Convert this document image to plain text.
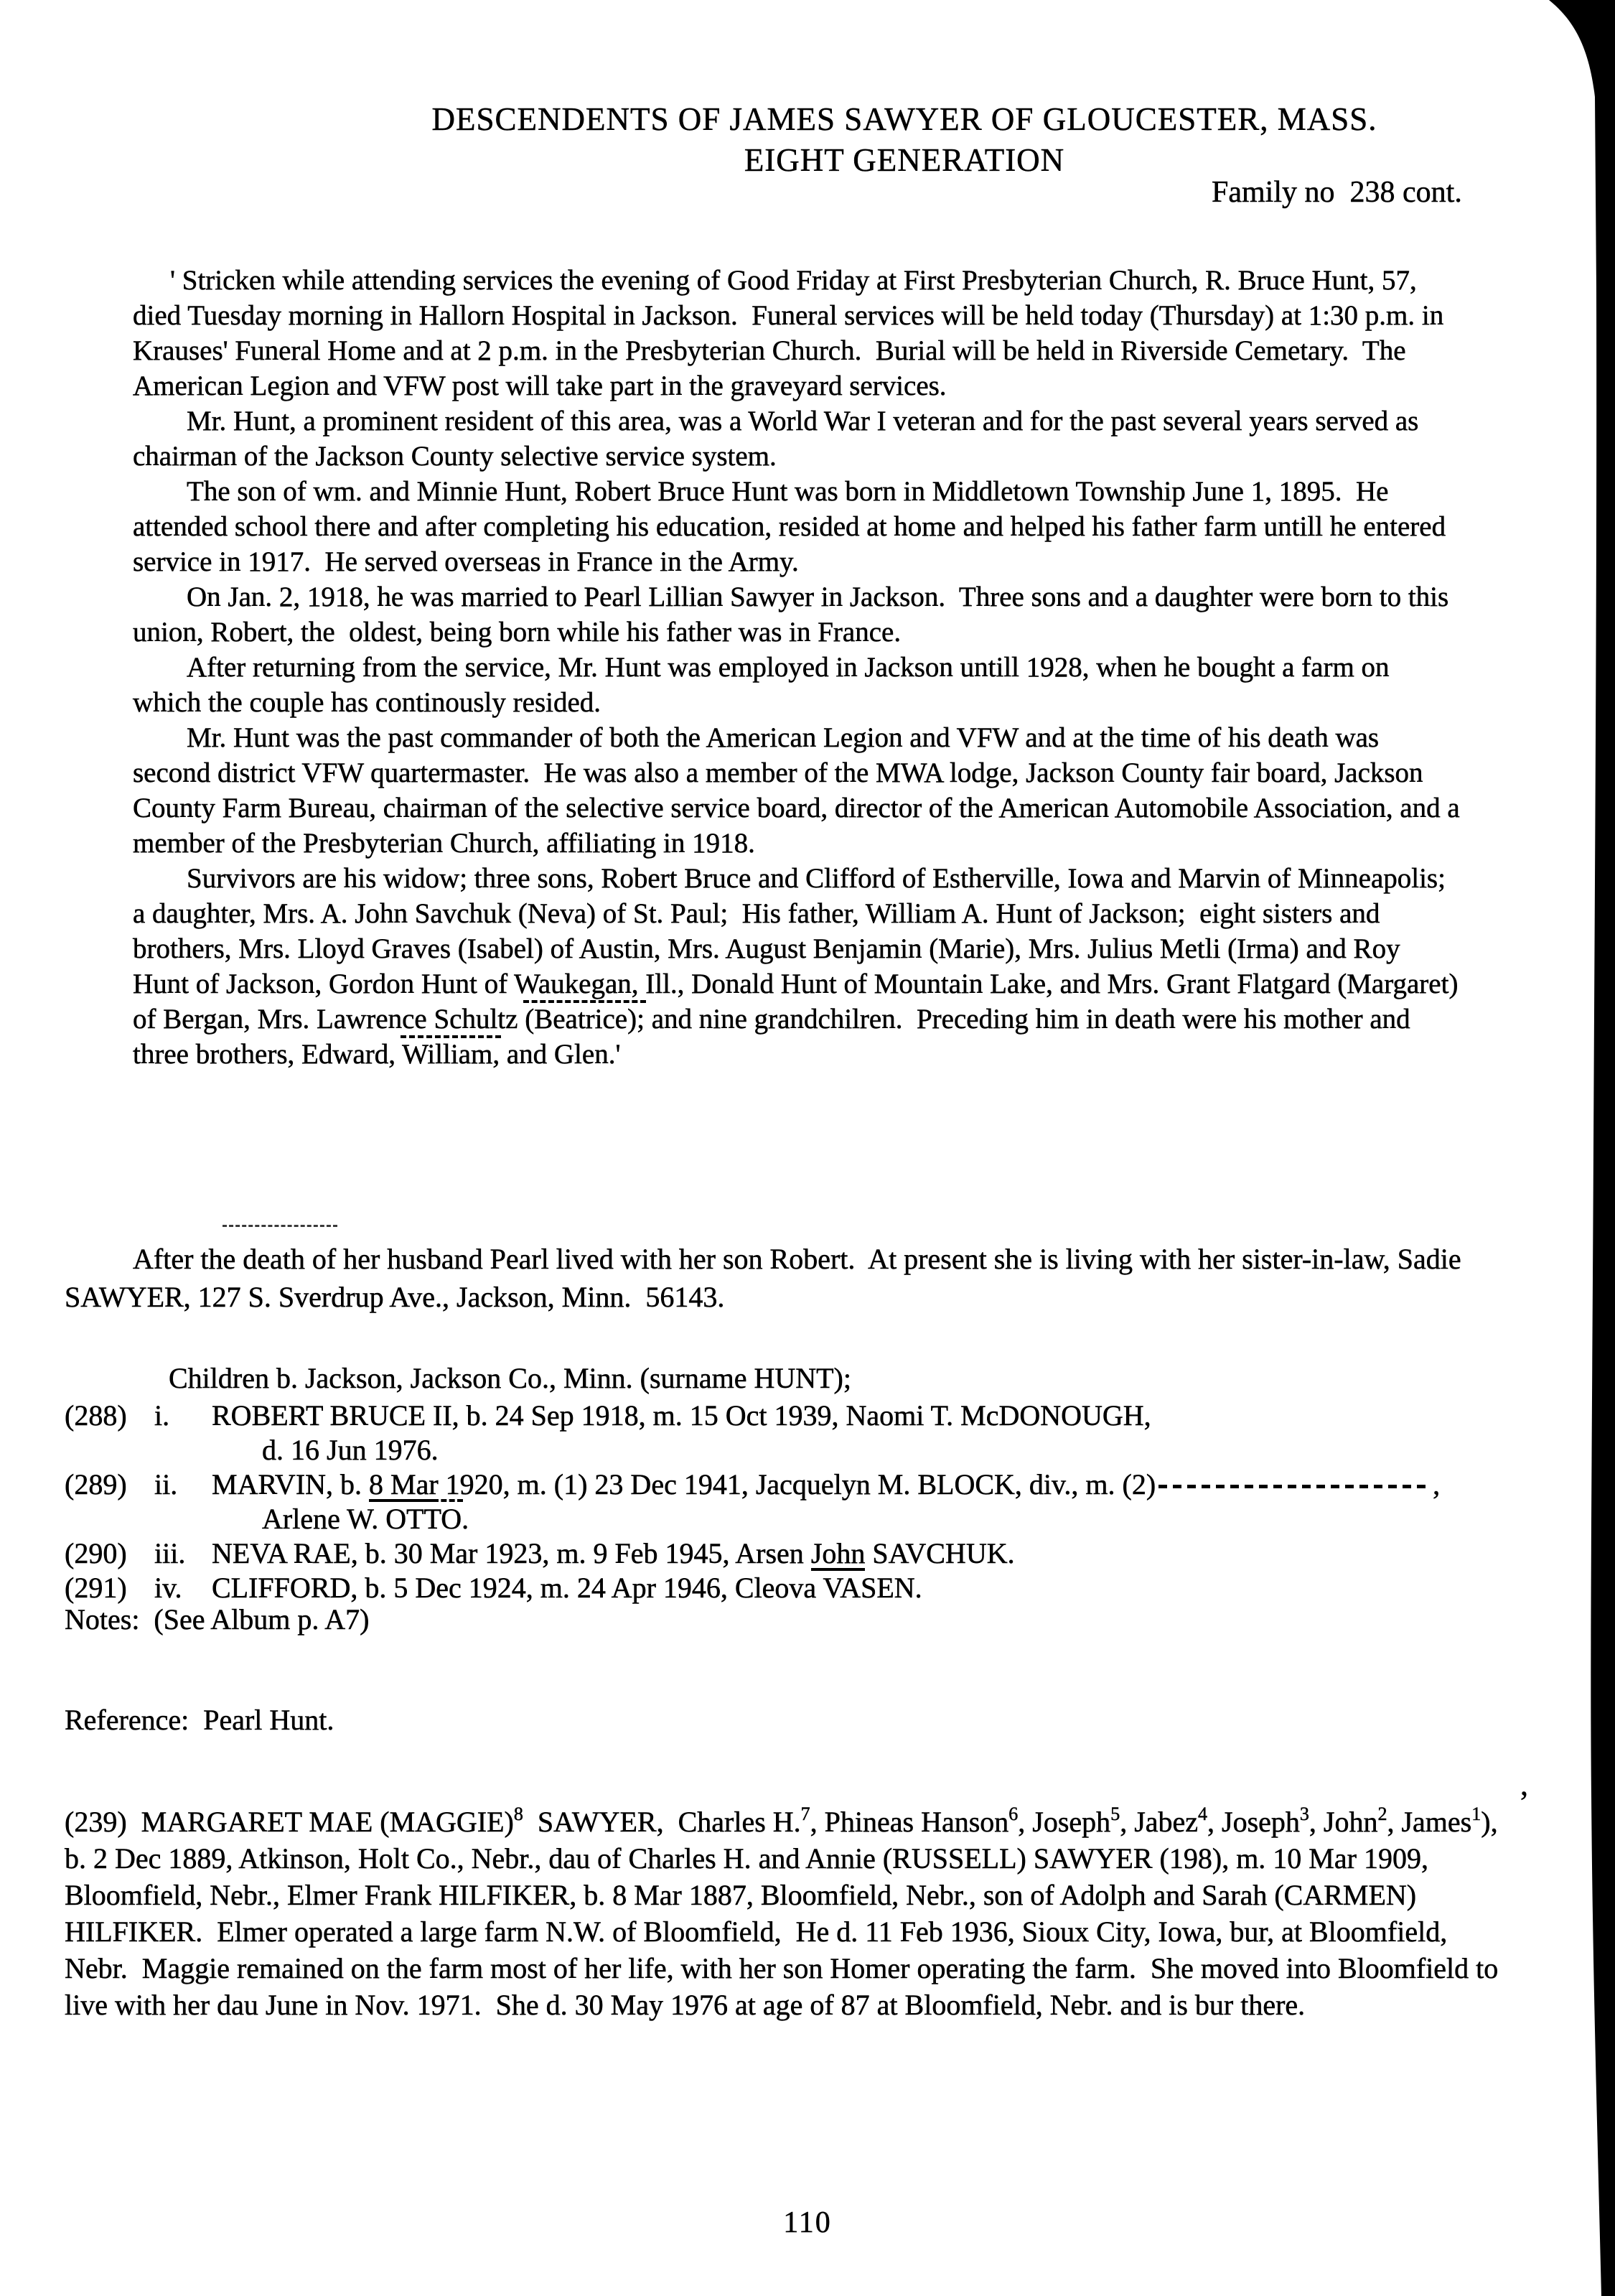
DESCENDENTS OF JAMES SAWYER OF GLOUCESTER, MASS.
EIGHT GENERATION
Family no  238 cont.

' Stricken while attending services the evening of Good Friday at First Presbyterian Church, R. Bruce Hunt, 57, died Tuesday morning in Hallorn Hospital in Jackson.  Funeral services will be held today (Thursday) at 1:30 p.m. in Krauses' Funeral Home and at 2 p.m. in the Presbyterian Church.  Burial will be held in Riverside Cemetary.  The American Legion and VFW post will take part in the graveyard services.

Mr. Hunt, a prominent resident of this area, was a World War I veteran and for the past several years served as chairman of the Jackson County selective service system.

The son of wm. and Minnie Hunt, Robert Bruce Hunt was born in Middletown Township June 1, 1895.  He attended school there and after completing his education, resided at home and helped his father farm untill he entered service in 1917.  He served overseas in France in the Army.

On Jan. 2, 1918, he was married to Pearl Lillian Sawyer in Jackson.  Three sons and a daughter were born to this union, Robert, the  oldest, being born while his father was in France.

After returning from the service, Mr. Hunt was employed in Jackson untill 1928, when he bought a farm on which the couple has continously resided.

Mr. Hunt was the past commander of both the American Legion and VFW and at the time of his death was second district VFW quartermaster.  He was also a member of the MWA lodge, Jackson County fair board, Jackson County Farm Bureau, chairman of the selective service board, director of the American Automobile Association, and a member of the Presbyterian Church, affiliating in 1918.

Survivors are his widow; three sons, Robert Bruce and Clifford of Estherville, Iowa and Marvin of Minneapolis;  a daughter, Mrs. A. John Savchuk (Neva) of St. Paul;  His father, William A. Hunt of Jackson;  eight sisters and brothers, Mrs. Lloyd Graves (Isabel) of Austin, Mrs. August Benjamin (Marie), Mrs. Julius Metli (Irma) and Roy Hunt of Jackson, Gordon Hunt of Waukegan, Ill., Donald Hunt of Mountain Lake, and Mrs. Grant Flatgard (Margaret) of Bergan, Mrs. Lawrence Schultz (Beatrice); and nine grandchilren.  Preceding him in death were his mother and three brothers, Edward, William, and Glen.'

After the death of her husband Pearl lived with her son Robert.  At present she is living with her sister-in-law, Sadie SAWYER, 127 S. Sverdrup Ave., Jackson, Minn.  56143.

Children b. Jackson, Jackson Co., Minn. (surname HUNT);
(288) i. ROBERT BRUCE II, b. 24 Sep 1918, m. 15 Oct 1939, Naomi T. McDONOUGH,
d. 16 Jun 1976.
(289) ii. MARVIN, b. 8 Mar 1920, m. (1) 23 Dec 1941, Jacquelyn M. BLOCK, div., m. (2)	,
Arlene W. OTTO.
(290) iii. NEVA RAE, b. 30 Mar 1923, m. 9 Feb 1945, Arsen John SAVCHUK.
(291) iv. CLIFFORD, b. 5 Dec 1924, m. 24 Apr 1946, Cleova VASEN.
Notes:  (See Album p. A7)
Reference:  Pearl Hunt.

(239)  MARGARET MAE (MAGGIE)$^8$  SAWYER,  Charles H.$^7$, Phineas Hanson$^6$, Joseph$^5$, Jabez$^4$, Joseph$^3$, John$^2$, James$^1$), b. 2 Dec 1889, Atkinson, Holt Co., Nebr., dau of Charles H. and Annie (RUSSELL) SAWYER (198), m. 10 Mar 1909, Bloomfield, Nebr., Elmer Frank HILFIKER, b. 8 Mar 1887, Bloomfield, Nebr., son of Adolph and Sarah (CARMEN) HILFIKER.  Elmer operated a large farm N.W. of Bloomfield,  He d. 11 Feb 1936, Sioux City, Iowa, bur, at Bloomfield,  Nebr.  Maggie remained on the farm most of her life, with her son Homer operating the farm.  She moved into Bloomfield to live with her dau June in Nov. 1971.  She d. 30 May 1976 at age of 87 at Bloomfield, Nebr. and is bur there.

,
110
